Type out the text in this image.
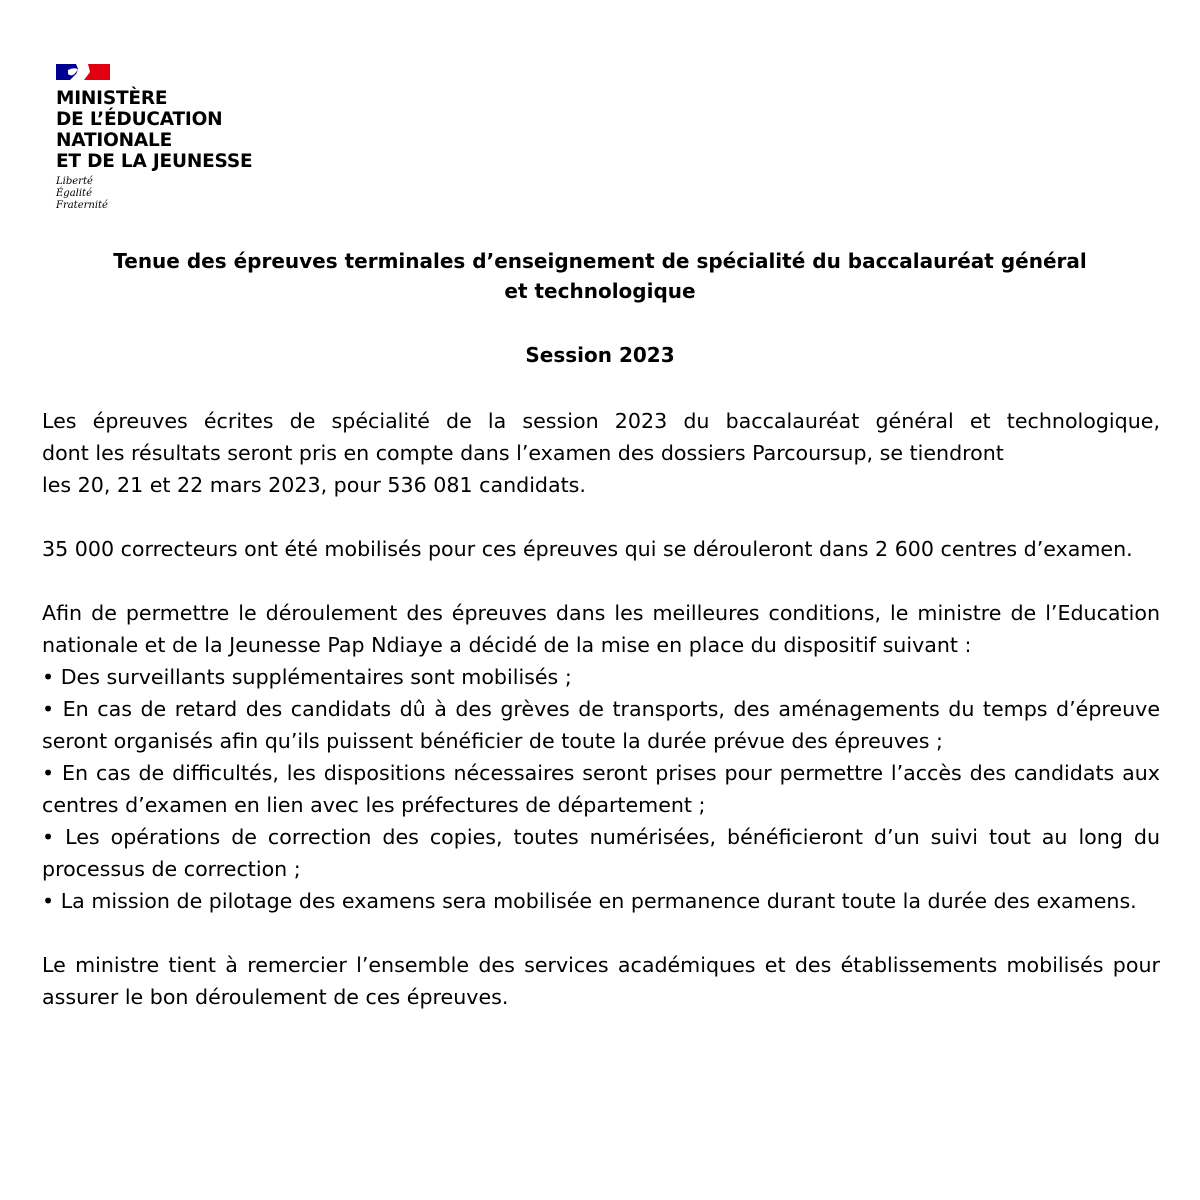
MINISTÈRE
DE L’ÉDUCATION
NATIONALE
ET DE LA JEUNESSE
Liberté
Égalité
Fraternité
Tenue des épreuves terminales d’enseignement de spécialité du baccalauréat général
et technologique
Session 2023

Les épreuves écrites de spécialité de la session 2023 du baccalauréat général et technologique,
dont les résultats seront pris en compte dans l’examen des dossiers Parcoursup, se tiendront
les 20, 21 et 22 mars 2023, pour 536 081 candidats.

35 000 correcteurs ont été mobilisés pour ces épreuves qui se dérouleront dans 2 600 centres d’examen.

Afin de permettre le déroulement des épreuves dans les meilleures conditions, le ministre de l’Education nationale et de la Jeunesse Pap Ndiaye a décidé de la mise en place du dispositif suivant :
• Des surveillants supplémentaires sont mobilisés ;
• En cas de retard des candidats dû à des grèves de transports, des aménagements du temps d’épreuve seront organisés afin qu’ils puissent bénéficier de toute la durée prévue des épreuves ;
• En cas de difficultés, les dispositions nécessaires seront prises pour permettre l’accès des candidats aux centres d’examen en lien avec les préfectures de département ;
• Les opérations de correction des copies, toutes numérisées, bénéficieront d’un suivi tout au long du processus de correction ;
• La mission de pilotage des examens sera mobilisée en permanence durant toute la durée des examens.

Le ministre tient à remercier l’ensemble des services académiques et des établissements mobilisés pour assurer le bon déroulement de ces épreuves.
